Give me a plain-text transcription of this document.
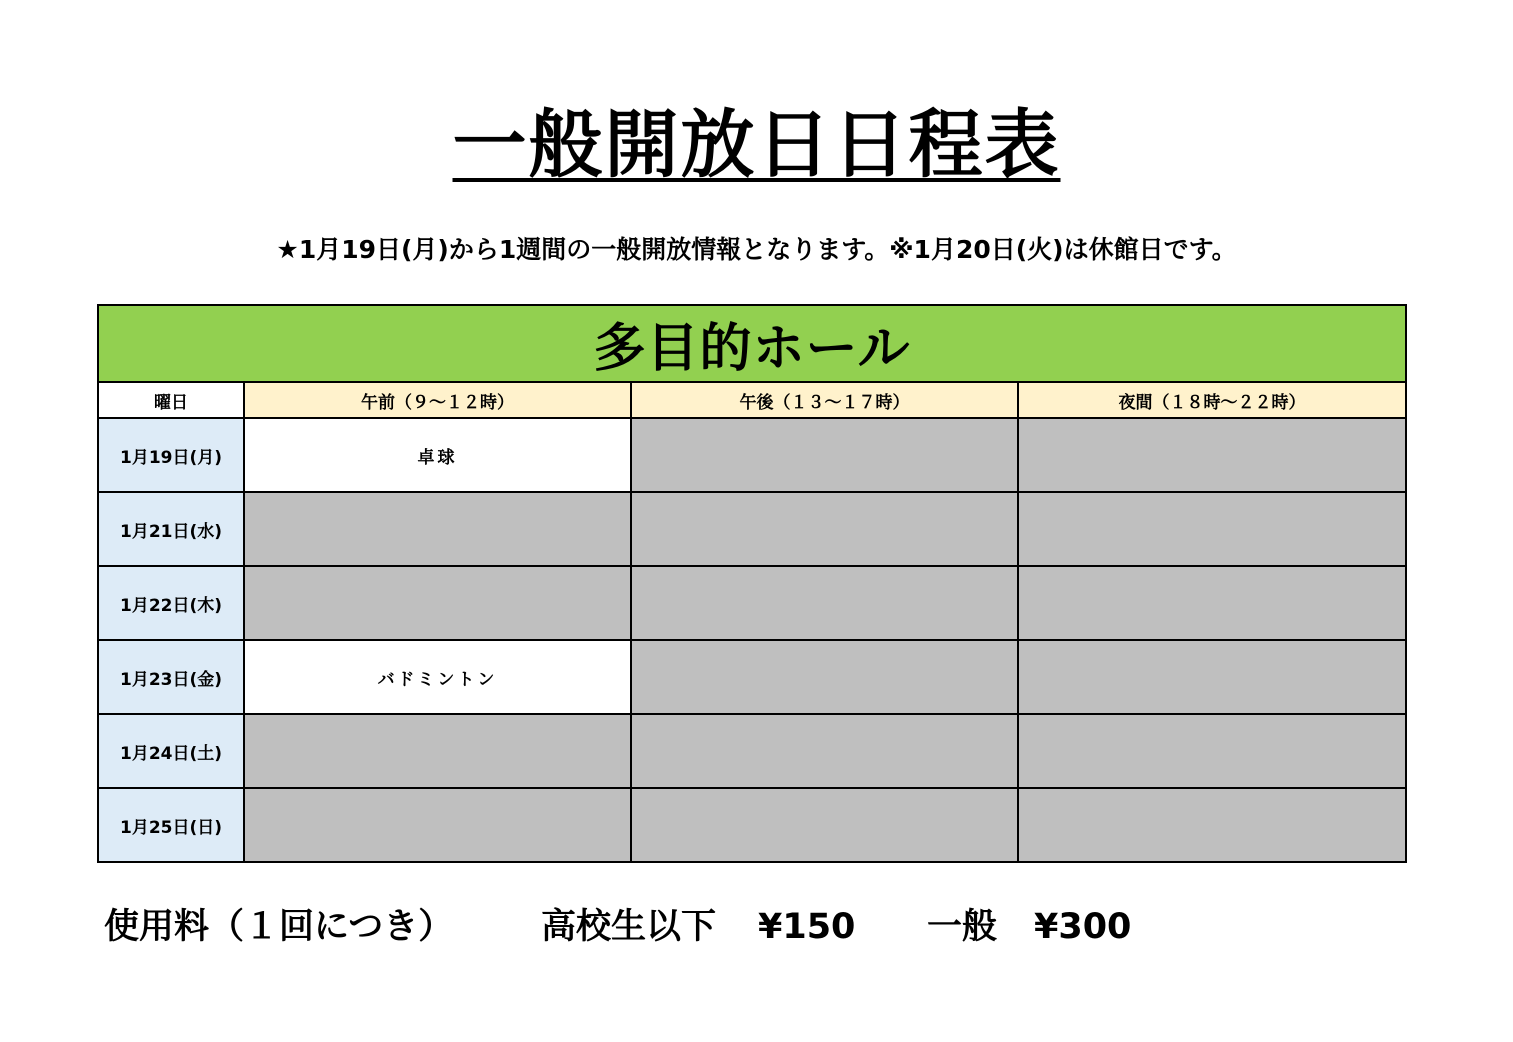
一般開放日日程表
★1月19日(月)から1週間の一般開放情報となります。※1月20日(火)は休館日です。
多目的ホール			
曜日	午前（９～１２時）	午後（１３～１７時）	夜間（１８時～２２時）
1月19日(月)	卓球		
1月21日(水)			
1月22日(木)			
1月23日(金)	バドミントン		
1月24日(土)			
1月25日(日)			
使用料（１回につき）	高校生以下 ¥150 一般 ¥300
